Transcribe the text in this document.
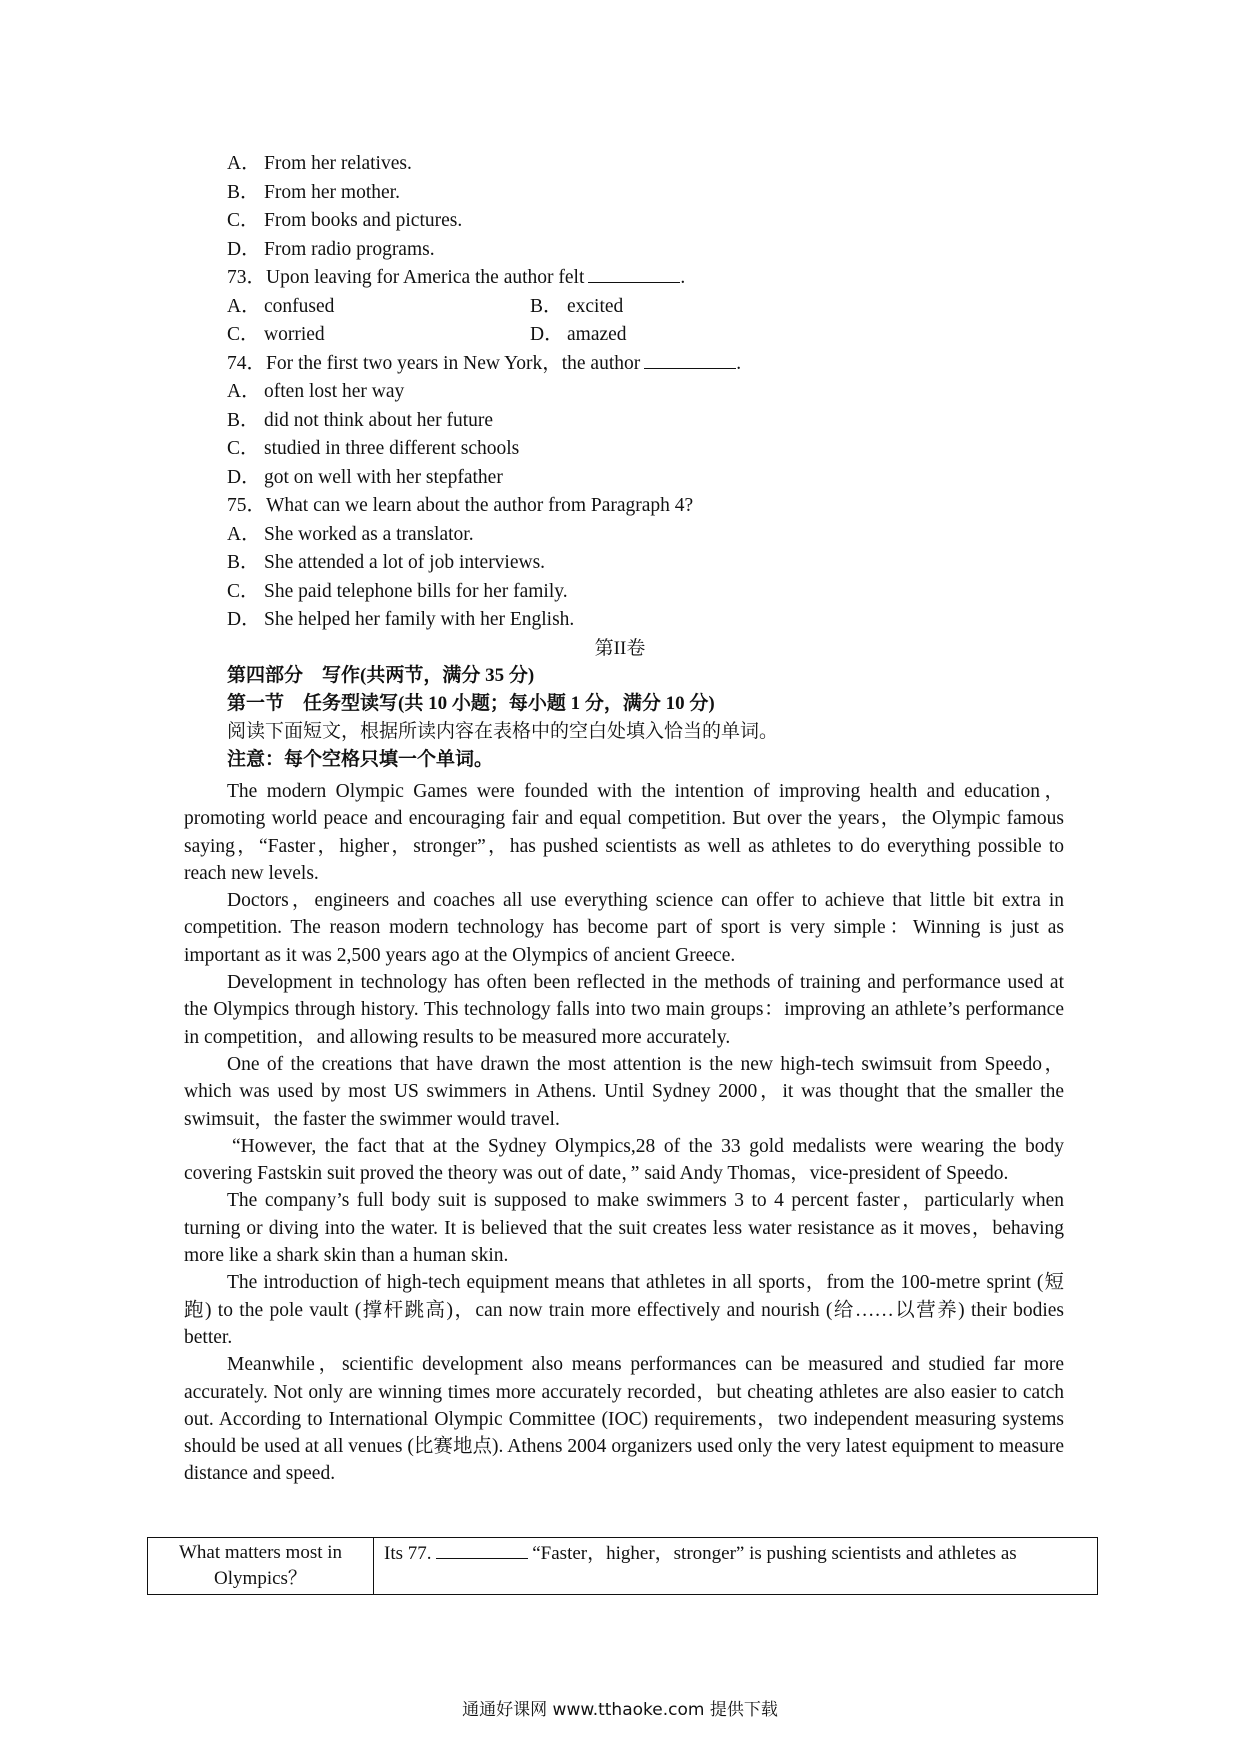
A． From her relatives.
B． From her mother.
C． From books and pictures.
D． From radio programs.
73．Upon leaving for America the author felt	.
A． confused	B． excited
C． worried	D． amazed
74．For the first two years in New York，the author	.
A． often lost her way
B． did not think about her future
C． studied in three different schools
D． got on well with her stepfather
75．What can we learn about the author from Paragraph 4?
A． She worked as a translator.
B． She attended a lot of job interviews.
C． She paid telephone bills for her family.
D． She helped her family with her English.
第II卷
第四部分　写作(共两节，满分 35 分)
第一节　任务型读写(共 10 小题；每小题 1 分，满分 10 分)
阅读下面短文，根据所读内容在表格中的空白处填入恰当的单词。
注意：每个空格只填一个单词。

The modern Olympic Games were founded with the intention of improving health and education，promoting world peace and encouraging fair and equal competition. But over the years，the Olympic famous saying，“Faster，higher，stronger”，has pushed scientists as well as athletes to do everything possible to reach new levels.

Doctors，engineers and coaches all use everything science can offer to achieve that little bit extra in competition. The reason modern technology has become part of sport is very simple：Winning is just as important as it was 2,500 years ago at the Olympics of ancient Greece.

Development in technology has often been reflected in the methods of training and performance used at the Olympics through history. This technology falls into two main groups：improving an athlete’s performance in competition，and allowing results to be measured more accurately.

One of the creations that have drawn the most attention is the new high-tech swimsuit from Speedo，which was used by most US swimmers in Athens. Until Sydney 2000，it was thought that the smaller the swimsuit，the faster the swimmer would travel.

“However, the fact that at the Sydney Olympics,28 of the 33 gold medalists were wearing the body covering Fastskin suit proved the theory was out of date，” said Andy Thomas，vice-president of Speedo.

The company’s full body suit is supposed to make swimmers 3 to 4 percent faster，particularly when turning or diving into the water. It is believed that the suit creates less water resistance as it moves，behaving more like a shark skin than a human skin.

The introduction of high-tech equipment means that athletes in all sports，from the 100-metre sprint (短跑) to the pole vault (撑杆跳高)，can now train more effectively and nourish (给……以营养) their bodies better.

Meanwhile，scientific development also means performances can be measured and studied far more accurately. Not only are winning times more accurately recorded，but cheating athletes are also easier to catch out. According to International Olympic Committee (IOC) requirements，two independent measuring systems should be used at all venues (比赛地点). Athens 2004 organizers used only the very latest equipment to measure distance and speed.

What matters most in Olympics？	Its 77.	“Faster，higher，stronger” is pushing scientists and athletes as
通通好课网 www.tthaoke.com 提供下载
